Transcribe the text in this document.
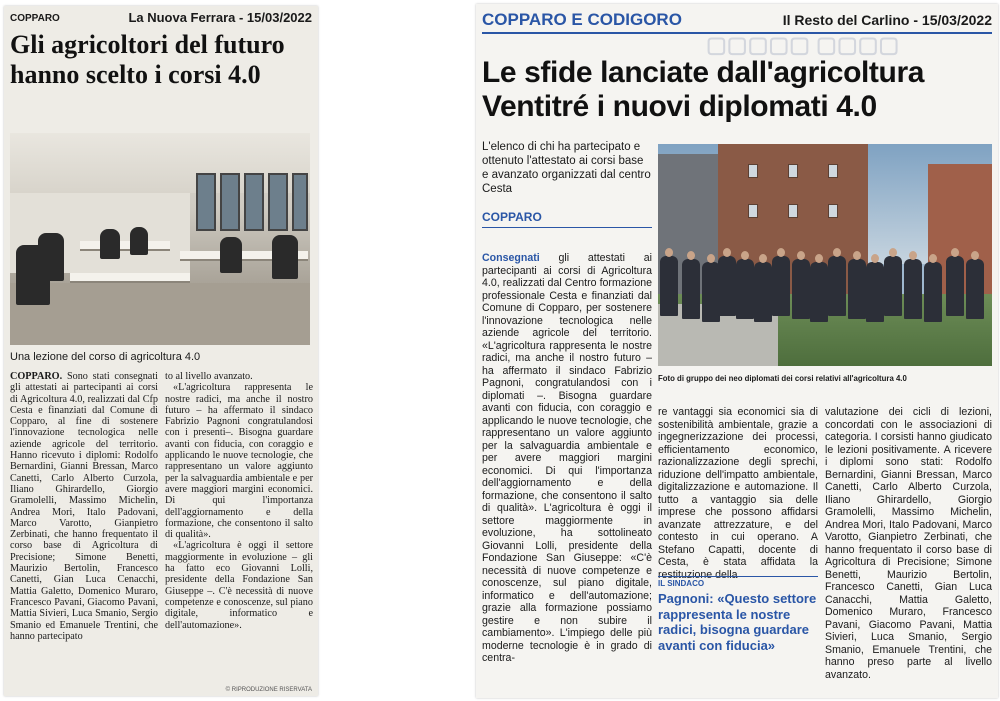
COPPARO	La Nuova Ferrara - 15/03/2022
Gli agricoltori del futuro hanno scelto i corsi 4.0
Una lezione del corso di agricoltura 4.0
COPPARO. Sono stati consegnati gli attestati ai partecipanti ai corsi di Agricoltura 4.0, realizzati dal Cfp Cesta e finanziati dal Comune di Copparo, al fine di sostenere l'innovazione tecnologica nelle aziende agricole del territorio. Hanno ricevuto i diplomi: Rodolfo Bernardini, Gianni Bressan, Marco Canetti, Carlo Alberto Curzola, Iliano Ghirardello, Giorgio Gramolelli, Massimo Michelin, Andrea Mori, Italo Padovani, Marco Varotto, Gianpietro Zerbinati, che hanno frequentato il corso base di Agricoltura di Precisione; Simone Benetti, Maurizio Bertolin, Francesco Canetti, Gian Luca Cenacchi, Mattia Galetto, Domenico Muraro, Francesco Pavani, Giacomo Pavani, Mattia Sivieri, Luca Smanio, Sergio Smanio ed Emanuele Trentini, che hanno partecipato
to al livello avanzato.
«L'agricoltura rappresenta le nostre radici, ma anche il nostro futuro – ha affermato il sindaco Fabrizio Pagnoni congratulandosi con i presenti–. Bisogna guardare avanti con fiducia, con coraggio e applicando le nuove tecnologie, che rappresentano un valore aggiunto per la salvaguardia ambientale e per avere maggiori margini economici. Di qui l'importanza dell'aggiornamento e della formazione, che consentono il salto di qualità».
«L'agricoltura è oggi il settore maggiormente in evoluzione – gli ha fatto eco Giovanni Lolli, presidente della Fondazione San Giuseppe –. C'è necessità di nuove competenze e conoscenze, sul piano digitale, informatico e dell'automazione».
© RIPRODUZIONE RISERVATA
▢▢▢▢▢ ▢▢▢▢
COPPARO E CODIGORO	Il Resto del Carlino - 15/03/2022
Le sfide lanciate dall'agricoltura
Ventitré i nuovi diplomati 4.0
L'elenco di chi ha partecipato e ottenuto l'attestato ai corsi base e avanzato organizzati dal centro Cesta
COPPARO
Foto di gruppo dei neo diplomati dei corsi relativi all'agricoltura 4.0
Consegnati gli attestati ai partecipanti ai corsi di Agricoltura 4.0, realizzati dal Centro formazione professionale Cesta e finanziati dal Comune di Copparo, per sostenere l'innovazione tecnologica nelle aziende agricole del territorio. «L'agricoltura rappresenta le nostre radici, ma anche il nostro futuro – ha affermato il sindaco Fabrizio Pagnoni, congratulandosi con i diplomati –. Bisogna guardare avanti con fiducia, con coraggio e applicando le nuove tecnologie, che rappresentano un valore aggiunto per la salvaguardia ambientale e per avere maggiori margini economici. Di qui l'importanza dell'aggiornamento e della formazione, che consentono il salto di qualità». L'agricoltura è oggi il settore maggiormente in evoluzione, ha sottolineato Giovanni Lolli, presidente della Fondazione San Giuseppe: «C'è necessità di nuove competenze e conoscenze, sul piano digitale, informatico e dell'automazione; grazie alla formazione possiamo gestire e non subire il cambiamento». L'impiego delle più moderne tecnologie è in grado di centra-
re vantaggi sia economici sia di sostenibilità ambientale, grazie a ingegnerizzazione dei processi, efficientamento economico, razionalizzazione degli sprechi, riduzione dell'impatto ambientale, digitalizzazione e automazione. Il tutto a vantaggio sia delle imprese che possono affidarsi avanzate attrezzature, e del contesto in cui operano. A Stefano Capatti, docente di Cesta, è stata affidata la restituzione della
valutazione dei cicli di lezioni, concordati con le associazioni di categoria. I corsisti hanno giudicato le lezioni positivamente. A ricevere i diplomi sono stati: Rodolfo Bernardini, Gianni Bressan, Marco Canetti, Carlo Alberto Curzola, Iliano Ghirardello, Giorgio Gramolelli, Massimo Michelin, Andrea Mori, Italo Padovani, Marco Varotto, Gianpietro Zerbinati, che hanno frequentato il corso base di Agricoltura di Precisione; Simone Benetti, Maurizio Bertolin, Francesco Canetti, Gian Luca Canacchi, Mattia Galetto, Domenico Muraro, Francesco Pavani, Giacomo Pavani, Mattia Sivieri, Luca Smanio, Sergio Smanio, Emanuele Trentini, che hanno preso parte al livello avanzato.
IL SINDACO
Pagnoni: «Questo settore rappresenta le nostre radici, bisogna guardare avanti con fiducia»
